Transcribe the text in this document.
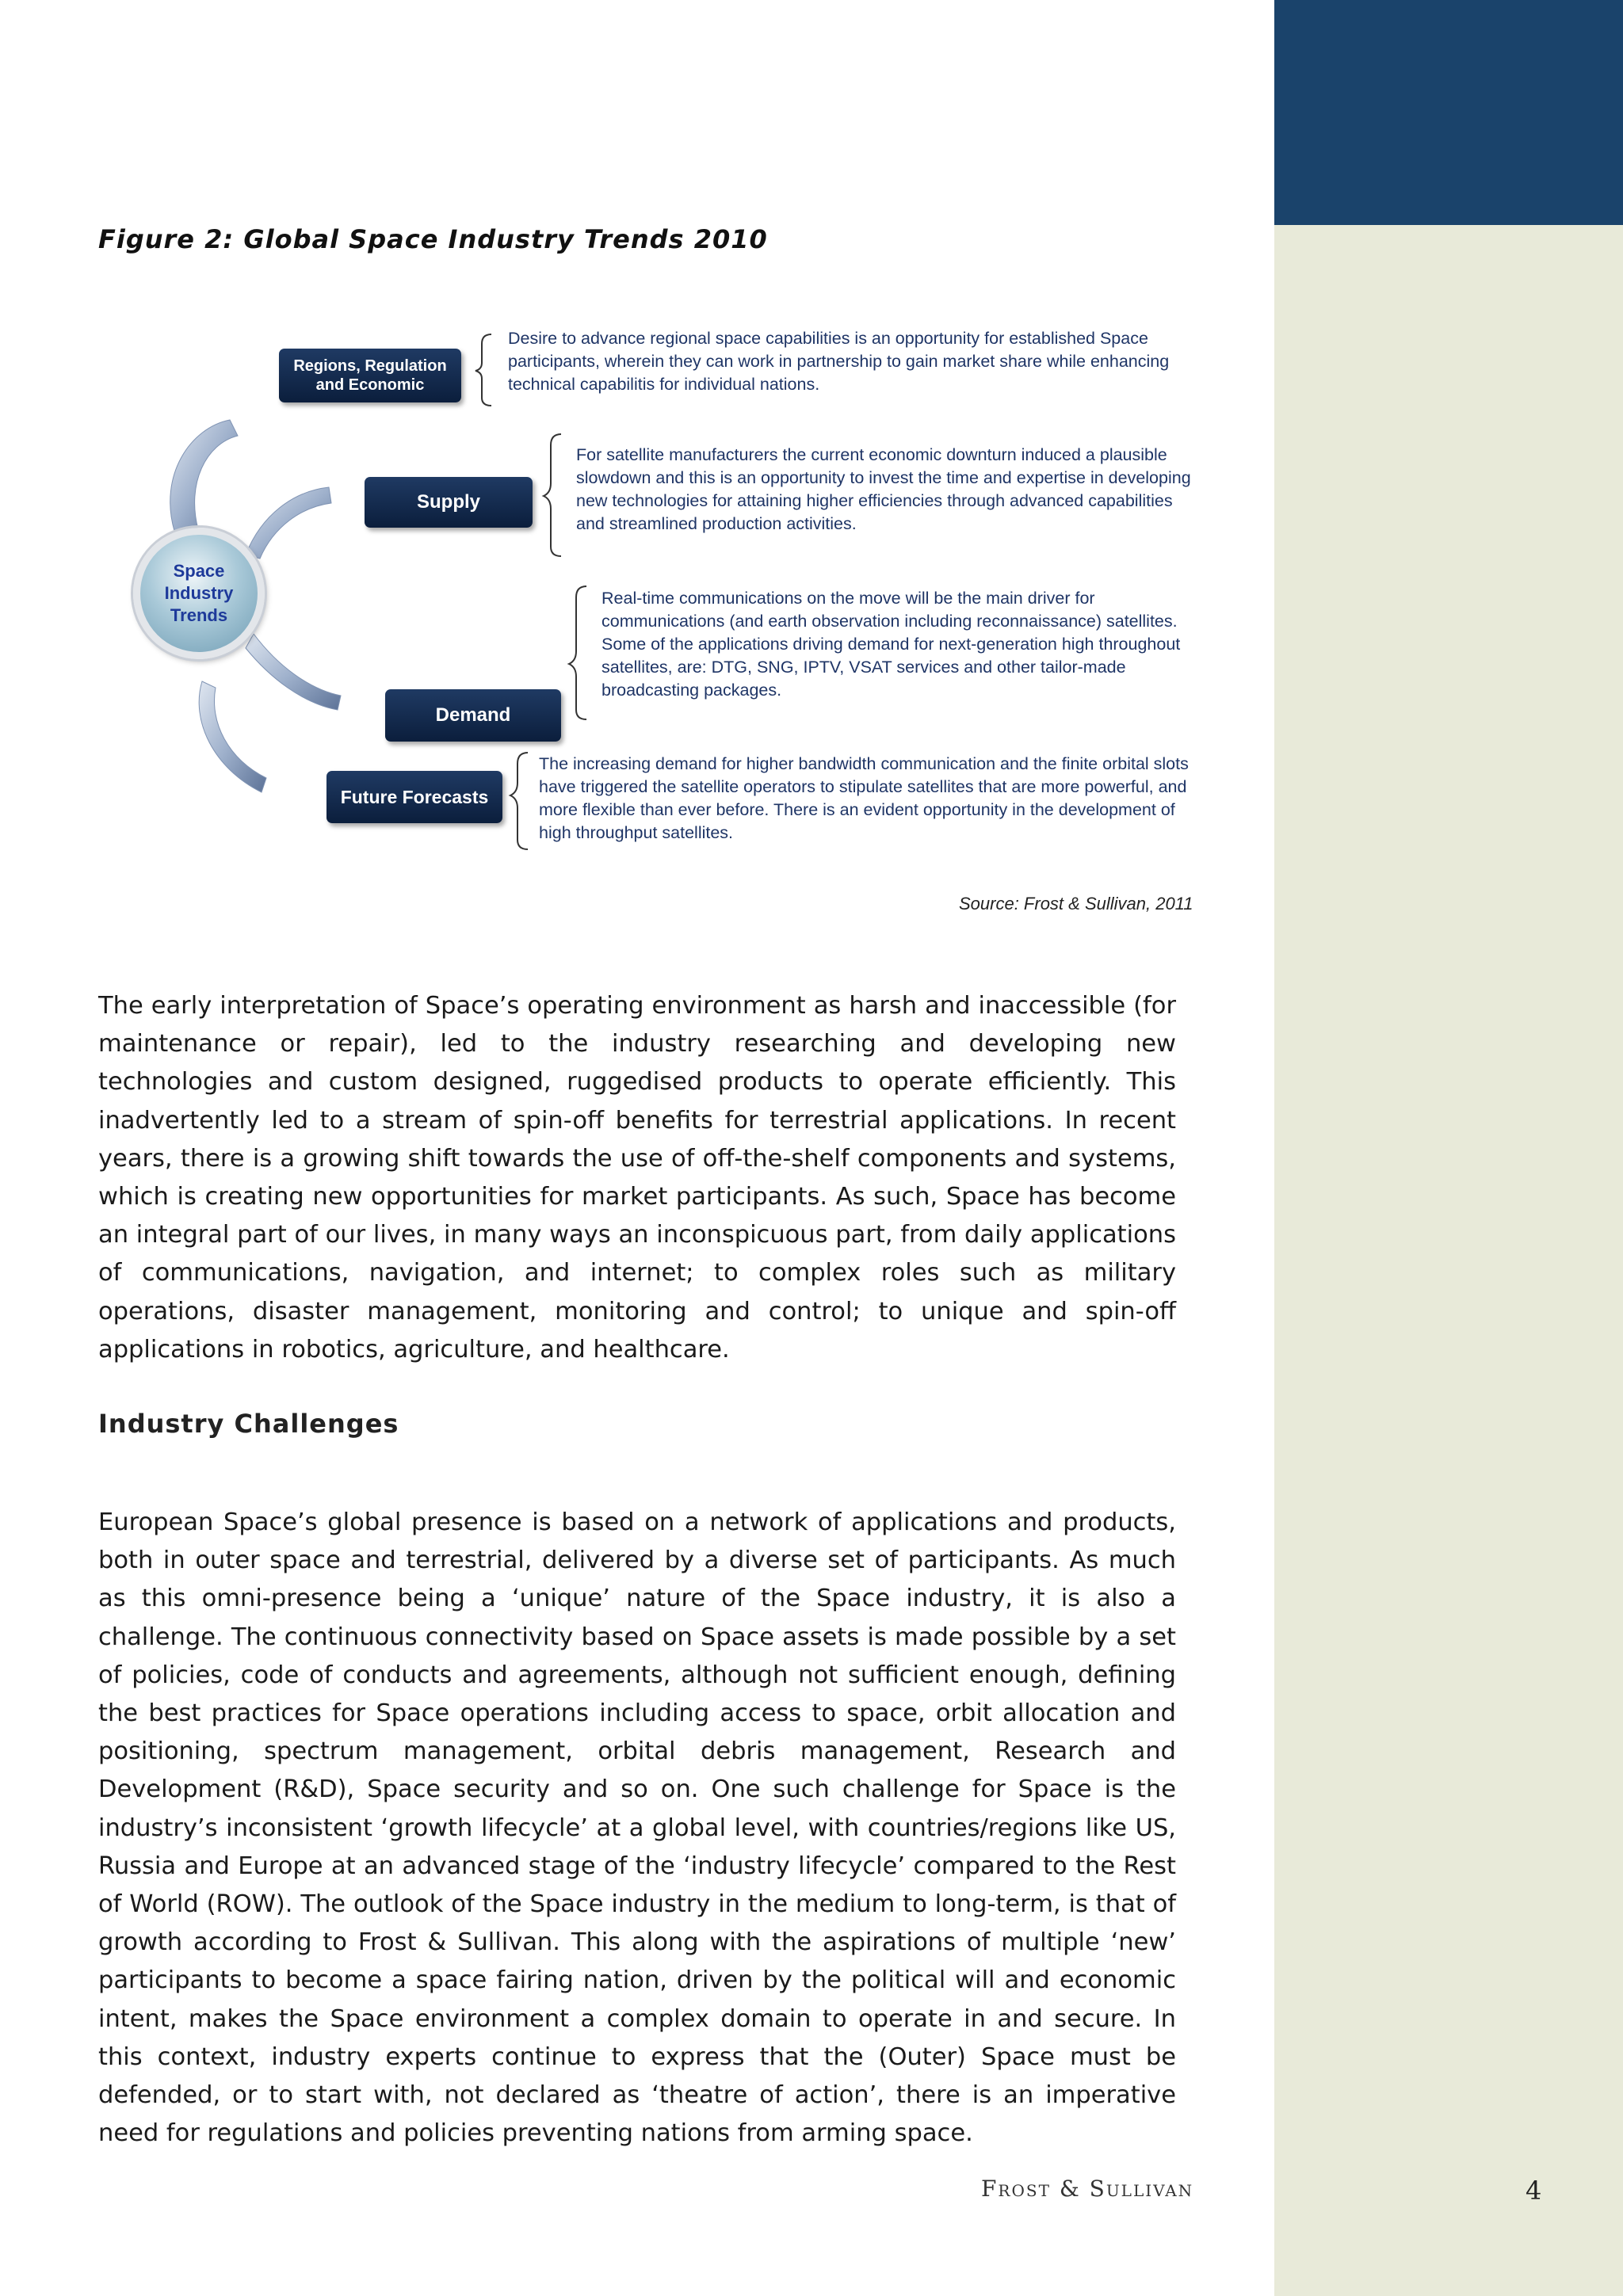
Figure 2: Global Space Industry Trends 2010
Space Industry Trends
Regions, Regulation and Economic
Supply
Demand
Future Forecasts
Desire to advance regional space capabilities is an opportunity for established Space participants, wherein they can work in partnership to gain market share while enhancing technical capabilitis for individual nations.
For satellite manufacturers the current economic downturn induced a plausible slowdown and this is an opportunity to invest the time and expertise in developing new technologies for attaining higher efficiencies through advanced capabilities and streamlined production activities.
Real-time communications on the move will be the main driver for communications (and earth observation including reconnaissance) satellites. Some of the applications driving demand for next-generation high throughout satellites, are: DTG, SNG, IPTV, VSAT services and other tailor-made broadcasting packages.
The increasing demand for higher bandwidth communication and the finite orbital slots have triggered the satellite operators to stipulate satellites that are more powerful, and more flexible than ever before. There is an evident opportunity in the development of high throughput satellites.
Source: Frost & Sullivan, 2011

The early interpretation of Space’s operating environment as harsh and inaccessible (for maintenance or repair), led to the industry researching and developing new technologies and custom designed, ruggedised products to operate efficiently. This inadvertently led to a stream of spin-off benefits for terrestrial applications. In recent years, there is a growing shift towards the use of off-the-shelf components and systems, which is creating new opportunities for market participants. As such, Space has become an integral part of our lives, in many ways an inconspicuous part, from daily applications of communications, navigation, and internet; to complex roles such as military operations, disaster management, monitoring and control; to unique and spin-off applications in robotics, agriculture, and healthcare.

Industry Challenges

European Space’s global presence is based on a network of applications and products, both in outer space and terrestrial, delivered by a diverse set of participants. As much as this omni-presence being a ‘unique’ nature of the Space industry, it is also a challenge. The continuous connectivity based on Space assets is made possible by a set of policies, code of conducts and agreements, although not sufficient enough, defining the best practices for Space operations including access to space, orbit allocation and positioning, spectrum management, orbital debris management, Research and Development (R&D), Space security and so on. One such challenge for Space is the industry’s inconsistent ‘growth lifecycle’ at a global level, with countries/regions like US, Russia and Europe at an advanced stage of the ‘industry lifecycle’ compared to the Rest of World (ROW). The outlook of the Space industry in the medium to long-term, is that of growth according to Frost & Sullivan. This along with the aspirations of multiple ‘new’ participants to become a space fairing nation, driven by the political will and economic intent, makes the Space environment a complex domain to operate in and secure. In this context, industry experts continue to express that the (Outer) Space must be defended, or to start with, not declared as ‘theatre of action’, there is an imperative need for regulations and policies preventing nations from arming space.

Frost & Sullivan	4
